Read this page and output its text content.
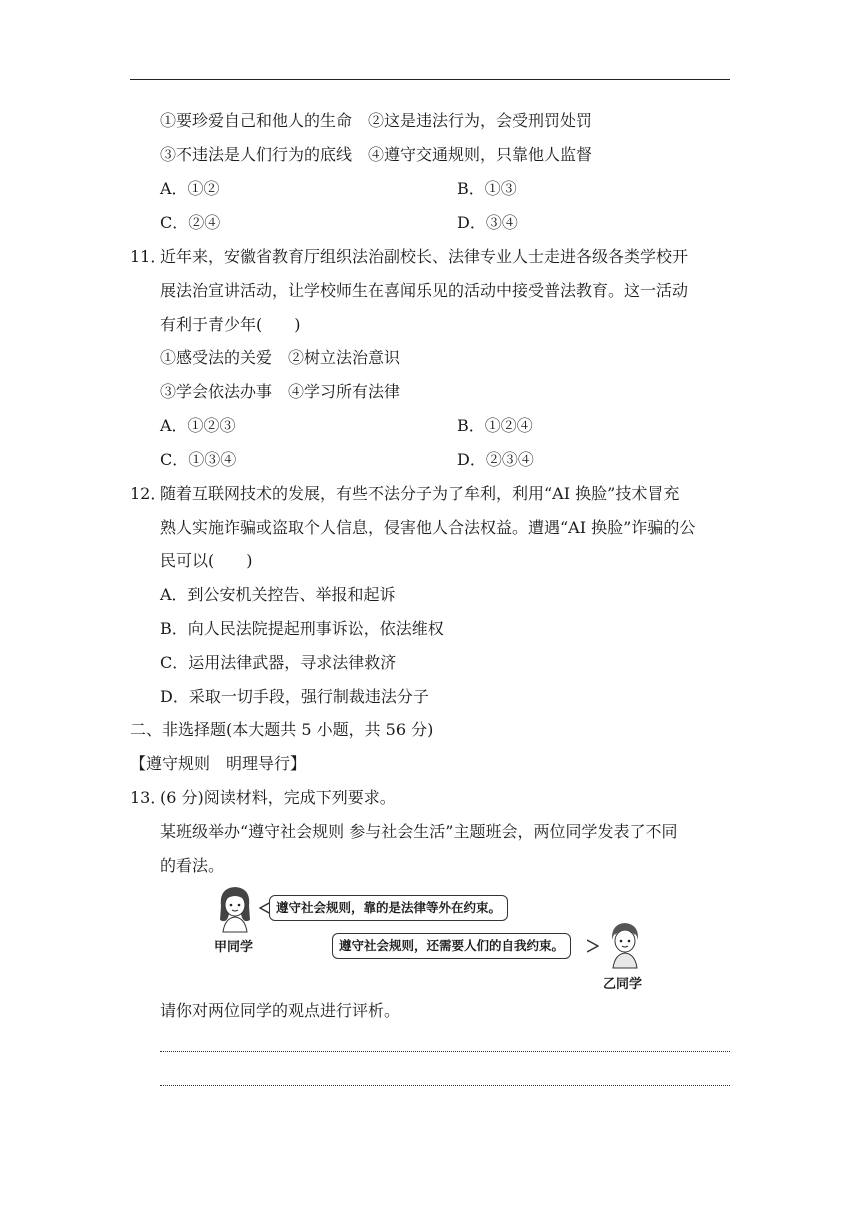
①要珍爱自己和他人的生命　②这是违法行为，会受刑罚处罚
③不违法是人们行为的底线　④遵守交通规则，只靠他人监督
A．①②	B．①③
C．②④	D．③④
11．
近年来，安徽省教育厅组织法治副校长、法律专业人士走进各级各类学校开
展法治宣讲活动，让学校师生在喜闻乐见的活动中接受普法教育。这一活动
有利于青少年(　　)
①感受法的关爱　②树立法治意识
③学会依法办事　④学习所有法律
A．①②③	B．①②④
C．①③④	D．②③④
12．
随着互联网技术的发展，有些不法分子为了牟利，利用“AI 换脸”技术冒充
熟人实施诈骗或盗取个人信息，侵害他人合法权益。遭遇“AI 换脸”诈骗的公
民可以(　　)
A．到公安机关控告、举报和起诉
B．向人民法院提起刑事诉讼，依法维权
C．运用法律武器，寻求法律救济
D．采取一切手段，强行制裁违法分子
二、非选择题(本大题共 5 小题，共 56 分)
【遵守规则　明理导行】
13．
(6 分)阅读材料，完成下列要求。
某班级举办“遵守社会规则 参与社会生活”主题班会，两位同学发表了不同
的看法。
甲同学
遵守社会规则，靠的是法律等外在约束。
遵守社会规则，还需要人们的自我约束。
乙同学
请你对两位同学的观点进行评析。
